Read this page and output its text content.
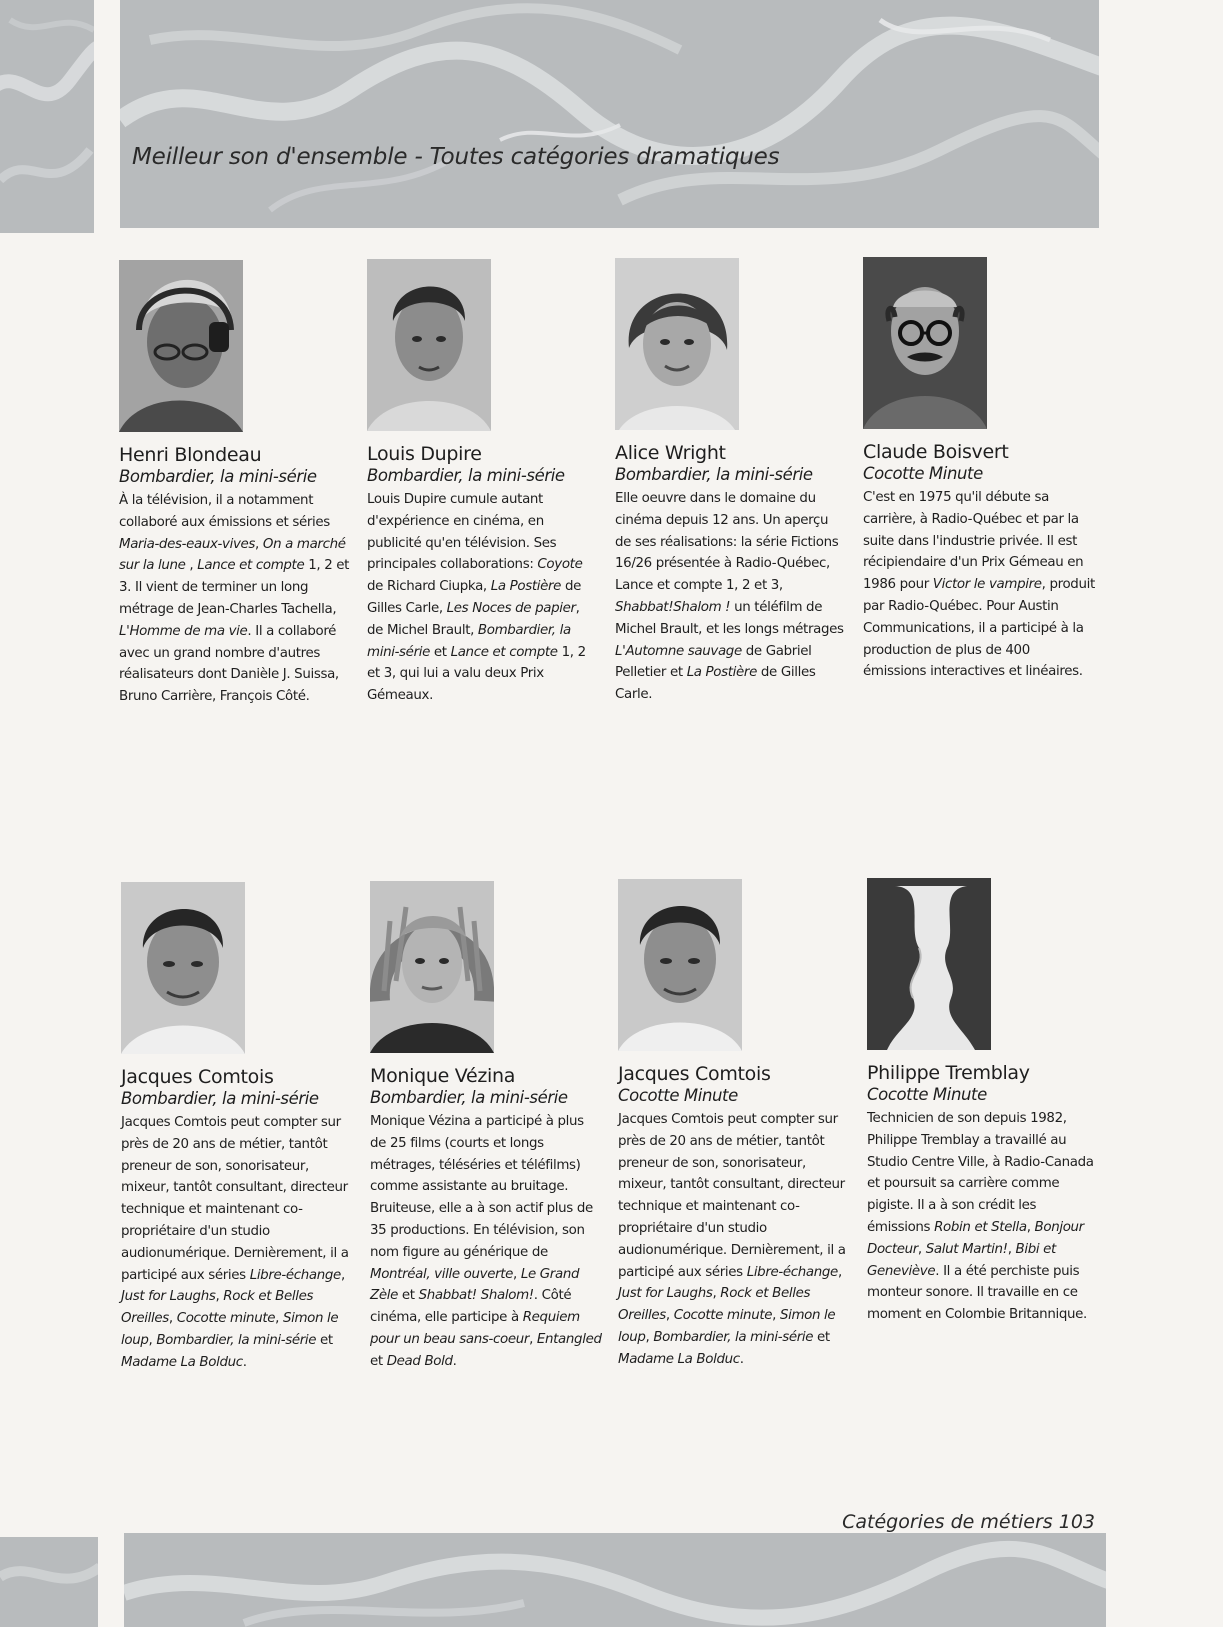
Meilleur son d'ensemble - Toutes catégories dramatiques
Catégories de métiers 103
Henri Blondeau
Bombardier, la mini-série
À la télévision, il a notamment collaboré aux émissions et séries Maria-des-eaux-vives, On a marché sur la lune , Lance et compte 1, 2 et 3. Il vient de terminer un long métrage de Jean-Charles Tachella, L'Homme de ma vie. Il a collaboré avec un grand nombre d'autres réalisateurs dont Danièle J. Suissa, Bruno Carrière, François Côté.
Louis Dupire
Bombardier, la mini-série
Louis Dupire cumule autant d'expérience en cinéma, en publicité qu'en télévision. Ses principales collaborations: Coyote de Richard Ciupka, La Postière de Gilles Carle, Les Noces de papier, de Michel Brault, Bombardier, la mini-série et Lance et compte 1, 2 et 3, qui lui a valu deux Prix Gémeaux.
Alice Wright
Bombardier, la mini-série
Elle oeuvre dans le domaine du cinéma depuis 12 ans. Un aperçu de ses réalisations: la série Fictions 16/26 présentée à Radio-Québec, Lance et compte 1, 2 et 3, Shabbat!Shalom ! un téléfilm de Michel Brault, et les longs métrages L'Automne sauvage de Gabriel Pelletier et La Postière de Gilles Carle.
Claude Boisvert
Cocotte Minute
C'est en 1975 qu'il débute sa carrière, à Radio-Québec et par la suite dans l'industrie privée. Il est récipiendaire d'un Prix Gémeau en 1986 pour Victor le vampire, produit par Radio-Québec. Pour Austin Communications, il a participé à la production de plus de 400 émissions interactives et linéaires.
Jacques Comtois
Bombardier, la mini-série
Jacques Comtois peut compter sur près de 20 ans de métier, tantôt preneur de son, sonorisateur, mixeur, tantôt consultant, directeur technique et maintenant co-propriétaire d'un studio audionumérique. Dernièrement, il a participé aux séries Libre-échange, Just for Laughs, Rock et Belles Oreilles, Cocotte minute, Simon le loup, Bombardier, la mini-série et Madame La Bolduc.
Monique Vézina
Bombardier, la mini-série
Monique Vézina a participé à plus de 25 films (courts et longs métrages, téléséries et téléfilms) comme assistante au bruitage. Bruiteuse, elle a à son actif plus de 35 productions. En télévision, son nom figure au générique de Montréal, ville ouverte, Le Grand Zèle et Shabbat! Shalom!. Côté cinéma, elle participe à Requiem pour un beau sans-coeur, Entangled et Dead Bold.
Jacques Comtois
Cocotte Minute
Jacques Comtois peut compter sur près de 20 ans de métier, tantôt preneur de son, sonorisateur, mixeur, tantôt consultant, directeur technique et maintenant co-propriétaire d'un studio audionumérique. Dernièrement, il a participé aux séries Libre-échange, Just for Laughs, Rock et Belles Oreilles, Cocotte minute, Simon le loup, Bombardier, la mini-série et Madame La Bolduc.
Philippe Tremblay
Cocotte Minute
Technicien de son depuis 1982, Philippe Tremblay a travaillé au Studio Centre Ville, à Radio-Canada et poursuit sa carrière comme pigiste. Il a à son crédit les émissions Robin et Stella, Bonjour Docteur, Salut Martin!, Bibi et Geneviève. Il a été perchiste puis monteur sonore. Il travaille en ce moment en Colombie Britannique.
